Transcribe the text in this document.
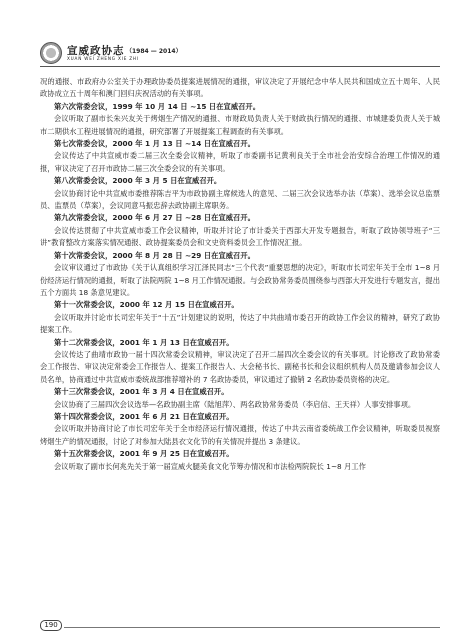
宣威政协志 （1984 — 2014）
XUAN WEI ZHENG XIE ZHI

况的通报、市政府办公室关于办理政协委员提案进展情况的通报，审议决定了开展纪念中华人民共和国成立五十周年、人民政协成立五十周年和澳门回归庆祝活动的有关事项。

第六次常委会议，1999 年 10 月 14 日 ~15 日在宣威召开。

会议听取了副市长朱兴友关于烤烟生产情况的通报、市财政局负责人关于财政执行情况的通报、市城建委负责人关于城市二期供水工程进展情况的通报，研究部署了开展提案工程调查的有关事项。

第七次常委会议，2000 年 1 月 13 日 ~14 日在宣威召开。

会议传达了中共宣威市委二届三次全委会议精神，听取了市委副书记黄利良关于全市社会治安综合治理工作情况的通报，审议决定了召开市政协二届三次全委会议的有关事项。

第八次常委会议，2000 年 3 月 5 日在宣威召开。

会议协商讨论中共宣威市委推荐陈吉平为市政协副主席候选人的意见、二届三次会议选举办法（草案）、选举会议总监票员、监票员（草案），会议同意马振忠辞去政协副主席职务。

第九次常委会议，2000 年 6 月 27 日 ~28 日在宣威召开。

会议传达贯彻了中共宣威市委工作会议精神，听取并讨论了市计委关于西部大开发专题报告，听取了政协领导班子“三讲”教育整改方案落实情况通报、政协提案委员会和文史资料委员会工作情况汇报。

第十次常委会议，2000 年 8 月 28 日 ~29 日在宣威召开。

会议审议通过了市政协《关于认真组织学习江泽民同志“三个代表”重要思想的决定》，听取市长司宏年关于全市 1~8 月份经济运行情况的通报，听取了法院两院 1~8 月工作情况通报。与会政协常务委员围绕参与西部大开发进行专题发言，提出五个方面共 18 条意见建议。

第十一次常委会议，2000 年 12 月 15 日在宣威召开。

会议听取并讨论市长司宏年关于“十五”计划建议的说明，传达了中共曲靖市委召开的政协工作会议的精神，研究了政协提案工作。

第十二次常委会议，2001 年 1 月 13 日在宣威召开。

会议传达了曲靖市政协一届十四次常委会议精神，审议决定了召开二届四次全委会议的有关事项。讨论修改了政协常委会工作报告、审议决定常委会工作报告人、提案工作报告人、大会秘书长、副秘书长和会议组织机构人员及邀请参加会议人员名单，协商通过中共宣威市委统战部推荐增补的 7 名政协委员，审议通过了撤销 2 名政协委员资格的决定。

第十三次常委会议，2001 年 3 月 4 日在宣威召开。

会议协商了三届四次会议选举—名政协副主席（陆旭萍）、两名政协常务委员（李启信、王天祥）人事安排事项。

第十四次常委会议，2001 年 6 月 21 日在宣威召开。

会议听取并协商讨论了市长司宏年关于全市经济运行情况通报，传达了中共云南省委统战工作会议精神，听取委员视察烤烟生产的情况通报，讨论了对参加大陆县衣文化节的有关情况并提出 3 条建议。

第十五次常委会议，2001 年 9 月 25 日在宣威召开。

会议听取了副市长何兆先关于第一届宣威火腿美食文化节筹办情况和市法检两院院长 1~8 月工作

190
